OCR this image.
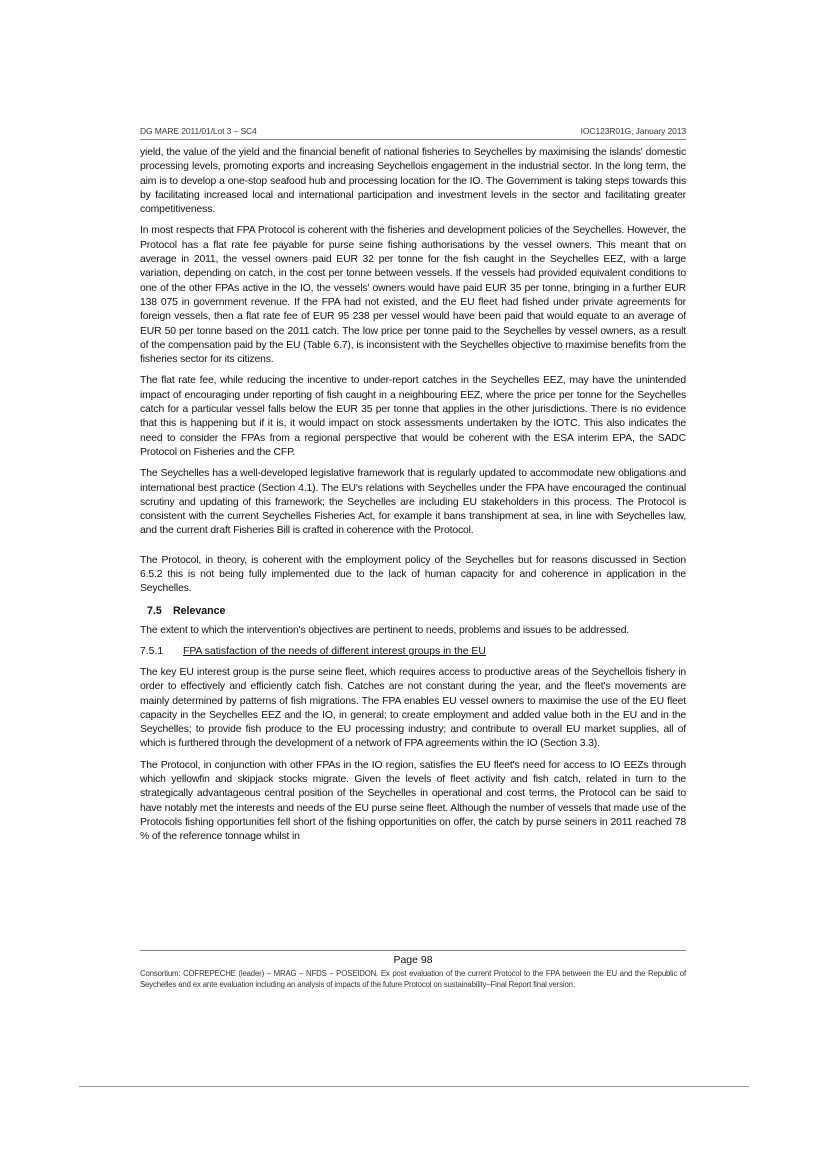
DG MARE 2011/01/Lot 3 – SC4	IOC123R01G, January 2013

yield, the value of the yield and the financial benefit of national fisheries to Seychelles by maximising the islands' domestic processing levels, promoting exports and increasing Seychellois engagement in the industrial sector. In the long term, the aim is to develop a one-stop seafood hub and processing location for the IO. The Government is taking steps towards this by facilitating increased local and international participation and investment levels in the sector and facilitating greater competitiveness.

In most respects that FPA Protocol is coherent with the fisheries and development policies of the Seychelles. However, the Protocol has a flat rate fee payable for purse seine fishing authorisations by the vessel owners. This meant that on average in 2011, the vessel owners paid EUR 32 per tonne for the fish caught in the Seychelles EEZ, with a large variation, depending on catch, in the cost per tonne between vessels. If the vessels had provided equivalent conditions to one of the other FPAs active in the IO, the vessels' owners would have paid EUR 35 per tonne, bringing in a further EUR 138 075 in government revenue. If the FPA had not existed, and the EU fleet had fished under private agreements for foreign vessels, then a flat rate fee of EUR 95 238 per vessel would have been paid that would equate to an average of EUR 50 per tonne based on the 2011 catch. The low price per tonne paid to the Seychelles by vessel owners, as a result of the compensation paid by the EU (Table 6.7), is inconsistent with the Seychelles objective to maximise benefits from the fisheries sector for its citizens.

The flat rate fee, while reducing the incentive to under-report catches in the Seychelles EEZ, may have the unintended impact of encouraging under reporting of fish caught in a neighbouring EEZ, where the price per tonne for the Seychelles catch for a particular vessel falls below the EUR 35 per tonne that applies in the other jurisdictions. There is no evidence that this is happening but if it is, it would impact on stock assessments undertaken by the IOTC. This also indicates the need to consider the FPAs from a regional perspective that would be coherent with the ESA interim EPA, the SADC Protocol on Fisheries and the CFP.

The Seychelles has a well-developed legislative framework that is regularly updated to accommodate new obligations and international best practice (Section 4.1). The EU's relations with Seychelles under the FPA have encouraged the continual scrutiny and updating of this framework; the Seychelles are including EU stakeholders in this process. The Protocol is consistent with the current Seychelles Fisheries Act, for example it bans transhipment at sea, in line with Seychelles law, and the current draft Fisheries Bill is crafted in coherence with the Protocol.

The Protocol, in theory, is coherent with the employment policy of the Seychelles but for reasons discussed in Section 6.5.2 this is not being fully implemented due to the lack of human capacity for and coherence in application in the Seychelles.

7.5 Relevance

The extent to which the intervention's objectives are pertinent to needs, problems and issues to be addressed.

7.5.1 FPA satisfaction of the needs of different interest groups in the EU

The key EU interest group is the purse seine fleet, which requires access to productive areas of the Seychellois fishery in order to effectively and efficiently catch fish. Catches are not constant during the year, and the fleet's movements are mainly determined by patterns of fish migrations. The FPA enables EU vessel owners to maximise the use of the EU fleet capacity in the Seychelles EEZ and the IO, in general; to create employment and added value both in the EU and in the Seychelles; to provide fish produce to the EU processing industry; and contribute to overall EU market supplies, all of which is furthered through the development of a network of FPA agreements within the IO (Section 3.3).

The Protocol, in conjunction with other FPAs in the IO region, satisfies the EU fleet's need for access to IO EEZs through which yellowfin and skipjack stocks migrate. Given the levels of fleet activity and fish catch, related in turn to the strategically advantageous central position of the Seychelles in operational and cost terms, the Protocol can be said to have notably met the interests and needs of the EU purse seine fleet. Although the number of vessels that made use of the Protocols fishing opportunities fell short of the fishing opportunities on offer, the catch by purse seiners in 2011 reached 78 % of the reference tonnage whilst in

Page 98
Consortium: COFREPECHE (leader) – MRAG – NFDS – POSEIDON. Ex post evaluation of the current Protocol to the FPA between the EU and the Republic of Seychelles and ex ante evaluation including an analysis of impacts of the future Protocol on sustainability–Final Report final version.
